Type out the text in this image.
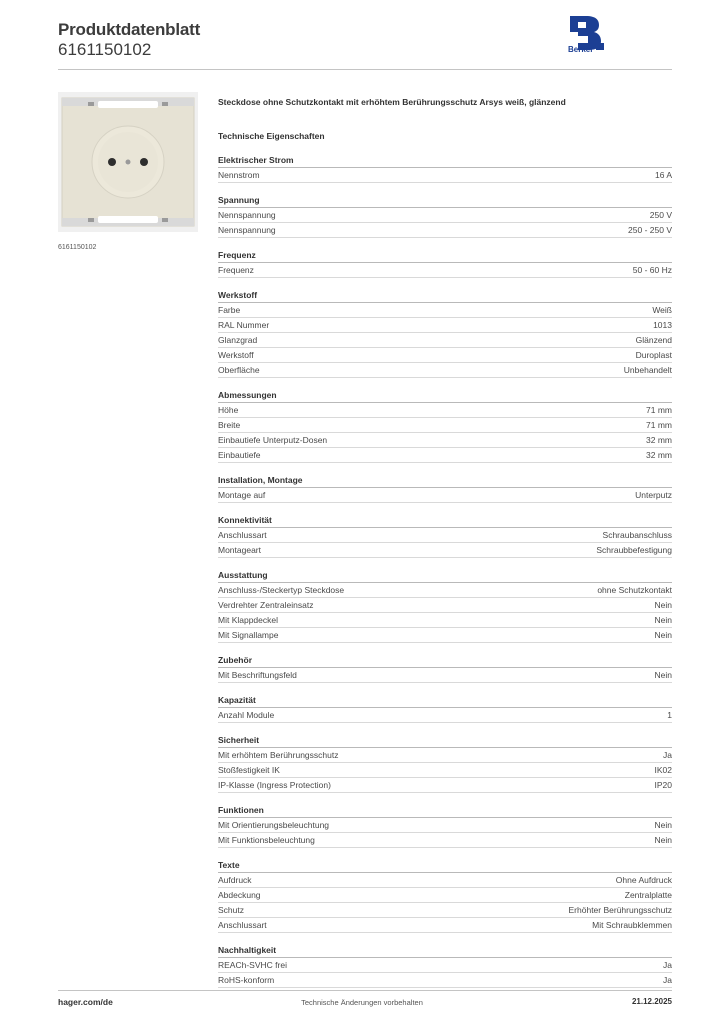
Produktdatenblatt
6161150102	Berker
6161150102
Steckdose ohne Schutzkontakt mit erhöhtem Berührungsschutz Arsys weiß, glänzend
Technische Eigenschaften
Elektrischer Strom
Nennstrom	16 A
Spannung
Nennspannung	250 V
Nennspannung	250 - 250 V
Frequenz
Frequenz	50 - 60 Hz
Werkstoff
Farbe	Weiß
RAL Nummer	1013
Glanzgrad	Glänzend
Werkstoff	Duroplast
Oberfläche	Unbehandelt
Abmessungen
Höhe	71 mm
Breite	71 mm
Einbautiefe Unterputz-Dosen	32 mm
Einbautiefe	32 mm
Installation, Montage
Montage auf	Unterputz
Konnektivität
Anschlussart	Schraubanschluss
Montageart	Schraubbefestigung
Ausstattung
Anschluss-/Steckertyp Steckdose	ohne Schutzkontakt
Verdrehter Zentraleinsatz	Nein
Mit Klappdeckel	Nein
Mit Signallampe	Nein
Zubehör
Mit Beschriftungsfeld	Nein
Kapazität
Anzahl Module	1
Sicherheit
Mit erhöhtem Berührungsschutz	Ja
Stoßfestigkeit IK	IK02
IP-Klasse (Ingress Protection)	IP20
Funktionen
Mit Orientierungsbeleuchtung	Nein
Mit Funktionsbeleuchtung	Nein
Texte
Aufdruck	Ohne Aufdruck
Abdeckung	Zentralplatte
Schutz	Erhöhter Berührungsschutz
Anschlussart	Mit Schraubklemmen
Nachhaltigkeit
REACh-SVHC frei	Ja
RoHS-konform	Ja
hager.com/de	Technische Änderungen vorbehalten	21.12.2025
